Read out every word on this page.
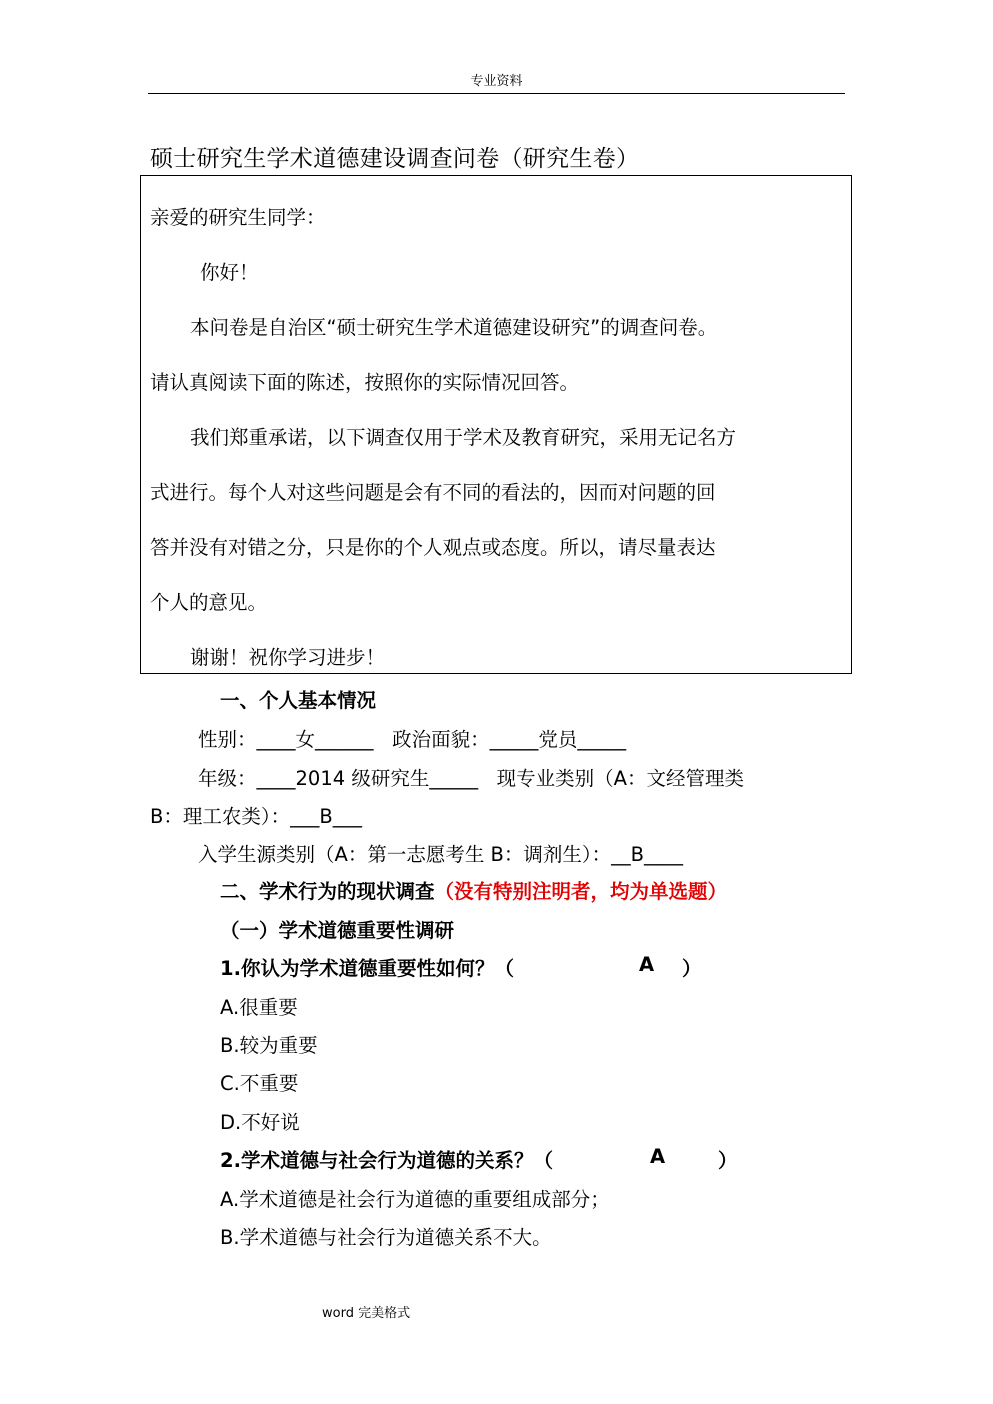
专业资料
硕士研究生学术道德建设调查问卷（研究生卷）
亲爱的研究生同学：
你好！
本问卷是自治区“硕士研究生学术道德建设研究”的调查问卷。
请认真阅读下面的陈述，按照你的实际情况回答。
我们郑重承诺，以下调查仅用于学术及教育研究，采用无记名方
式进行。每个人对这些问题是会有不同的看法的，因而对问题的回
答并没有对错之分，只是你的个人观点或态度。所以，请尽量表达
个人的意见。
谢谢！祝你学习进步！
一、个人基本情况
性别：____女______   政治面貌：_____党员_____
年级：____2014 级研究生_____   现专业类别（A：文经管理类
B：理工农类）：___B___
入学生源类别（A：第一志愿考生 B：调剂生）：__B____
二、学术行为的现状调查（没有特别注明者，均为单选题）
（一）学术道德重要性调研
1.你认为学术道德重要性如何？（	A ）
A.很重要
B.较为重要
C.不重要
D.不好说
2.学术道德与社会行为道德的关系？（	A	）
A.学术道德是社会行为道德的重要组成部分；
B.学术道德与社会行为道德关系不大。
word 完美格式
